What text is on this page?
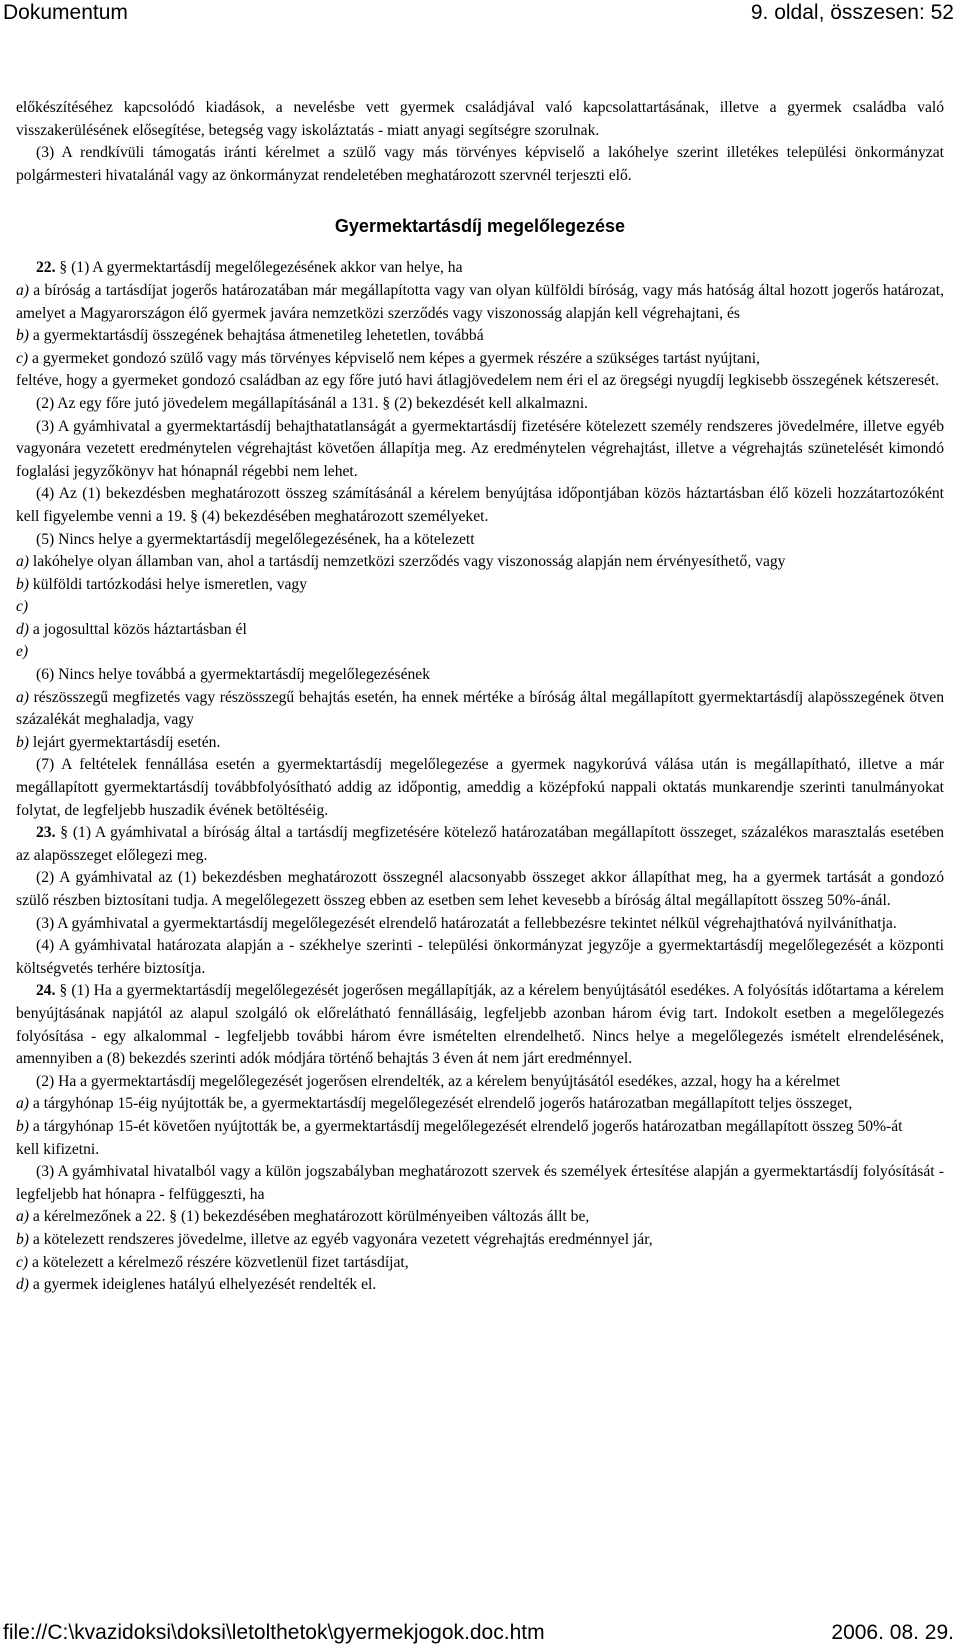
Dokumentum	9. oldal, összesen: 52

előkészítéséhez kapcsolódó kiadások, a nevelésbe vett gyermek családjával való kapcsolattartásának, illetve a gyermek családba való visszakerülésének elősegítése, betegség vagy iskoláztatás - miatt anyagi segítségre szorulnak.

(3) A rendkívüli támogatás iránti kérelmet a szülő vagy más törvényes képviselő a lakóhelye szerint illetékes települési önkormányzat polgármesteri hivatalánál vagy az önkormányzat rendeletében meghatározott szervnél terjeszti elő.

Gyermektartásdíj megelőlegezése

22. § (1) A gyermektartásdíj megelőlegezésének akkor van helye, ha

a) a bíróság a tartásdíjat jogerős határozatában már megállapította vagy van olyan külföldi bíróság, vagy más hatóság által hozott jogerős határozat, amelyet a Magyarországon élő gyermek javára nemzetközi szerződés vagy viszonosság alapján kell végrehajtani, és

b) a gyermektartásdíj összegének behajtása átmenetileg lehetetlen, továbbá

c) a gyermeket gondozó szülő vagy más törvényes képviselő nem képes a gyermek részére a szükséges tartást nyújtani,

feltéve, hogy a gyermeket gondozó családban az egy főre jutó havi átlagjövedelem nem éri el az öregségi nyugdíj legkisebb összegének kétszeresét.

(2) Az egy főre jutó jövedelem megállapításánál a 131. § (2) bekezdését kell alkalmazni.

(3) A gyámhivatal a gyermektartásdíj behajthatatlanságát a gyermektartásdíj fizetésére kötelezett személy rendszeres jövedelmére, illetve egyéb vagyonára vezetett eredménytelen végrehajtást követően állapítja meg. Az eredménytelen végrehajtást, illetve a végrehajtás szünetelését kimondó foglalási jegyzőkönyv hat hónapnál régebbi nem lehet.

(4) Az (1) bekezdésben meghatározott összeg számításánál a kérelem benyújtása időpontjában közös háztartásban élő közeli hozzátartozóként kell figyelembe venni a 19. § (4) bekezdésében meghatározott személyeket.

(5) Nincs helye a gyermektartásdíj megelőlegezésének, ha a kötelezett

a) lakóhelye olyan államban van, ahol a tartásdíj nemzetközi szerződés vagy viszonosság alapján nem érvényesíthető, vagy

b) külföldi tartózkodási helye ismeretlen, vagy

c)

d) a jogosulttal közös háztartásban él

e)

(6) Nincs helye továbbá a gyermektartásdíj megelőlegezésének

a) részösszegű megfizetés vagy részösszegű behajtás esetén, ha ennek mértéke a bíróság által megállapított gyermektartásdíj alapösszegének ötven százalékát meghaladja, vagy

b) lejárt gyermektartásdíj esetén.

(7) A feltételek fennállása esetén a gyermektartásdíj megelőlegezése a gyermek nagykorúvá válása után is megállapítható, illetve a már megállapított gyermektartásdíj továbbfolyósítható addig az időpontig, ameddig a középfokú nappali oktatás munkarendje szerinti tanulmányokat folytat, de legfeljebb huszadik évének betöltéséig.

23. § (1) A gyámhivatal a bíróság által a tartásdíj megfizetésére kötelező határozatában megállapított összeget, százalékos marasztalás esetében az alapösszeget előlegezi meg.

(2) A gyámhivatal az (1) bekezdésben meghatározott összegnél alacsonyabb összeget akkor állapíthat meg, ha a gyermek tartását a gondozó szülő részben biztosítani tudja. A megelőlegezett összeg ebben az esetben sem lehet kevesebb a bíróság által megállapított összeg 50%-ánál.

(3) A gyámhivatal a gyermektartásdíj megelőlegezését elrendelő határozatát a fellebbezésre tekintet nélkül végrehajthatóvá nyilváníthatja.

(4) A gyámhivatal határozata alapján a - székhelye szerinti - települési önkormányzat jegyzője a gyermektartásdíj megelőlegezését a központi költségvetés terhére biztosítja.

24. § (1) Ha a gyermektartásdíj megelőlegezését jogerősen megállapítják, az a kérelem benyújtásától esedékes. A folyósítás időtartama a kérelem benyújtásának napjától az alapul szolgáló ok előrelátható fennállásáig, legfeljebb azonban három évig tart. Indokolt esetben a megelőlegezés folyósítása - egy alkalommal - legfeljebb további három évre ismételten elrendelhető. Nincs helye a megelőlegezés ismételt elrendelésének, amennyiben a (8) bekezdés szerinti adók módjára történő behajtás 3 éven át nem járt eredménnyel.

(2) Ha a gyermektartásdíj megelőlegezését jogerősen elrendelték, az a kérelem benyújtásától esedékes, azzal, hogy ha a kérelmet

a) a tárgyhónap 15-éig nyújtották be, a gyermektartásdíj megelőlegezését elrendelő jogerős határozatban megállapított teljes összeget,

b) a tárgyhónap 15-ét követően nyújtották be, a gyermektartásdíj megelőlegezését elrendelő jogerős határozatban megállapított összeg 50%-át

kell kifizetni.

(3) A gyámhivatal hivatalból vagy a külön jogszabályban meghatározott szervek és személyek értesítése alapján a gyermektartásdíj folyósítását - legfeljebb hat hónapra - felfüggeszti, ha

a) a kérelmezőnek a 22. § (1) bekezdésében meghatározott körülményeiben változás állt be,

b) a kötelezett rendszeres jövedelme, illetve az egyéb vagyonára vezetett végrehajtás eredménnyel jár,

c) a kötelezett a kérelmező részére közvetlenül fizet tartásdíjat,

d) a gyermek ideiglenes hatályú elhelyezését rendelték el.

file://C:\kvazidoksi\doksi\letolthetok\gyermekjogok.doc.htm	2006. 08. 29.
